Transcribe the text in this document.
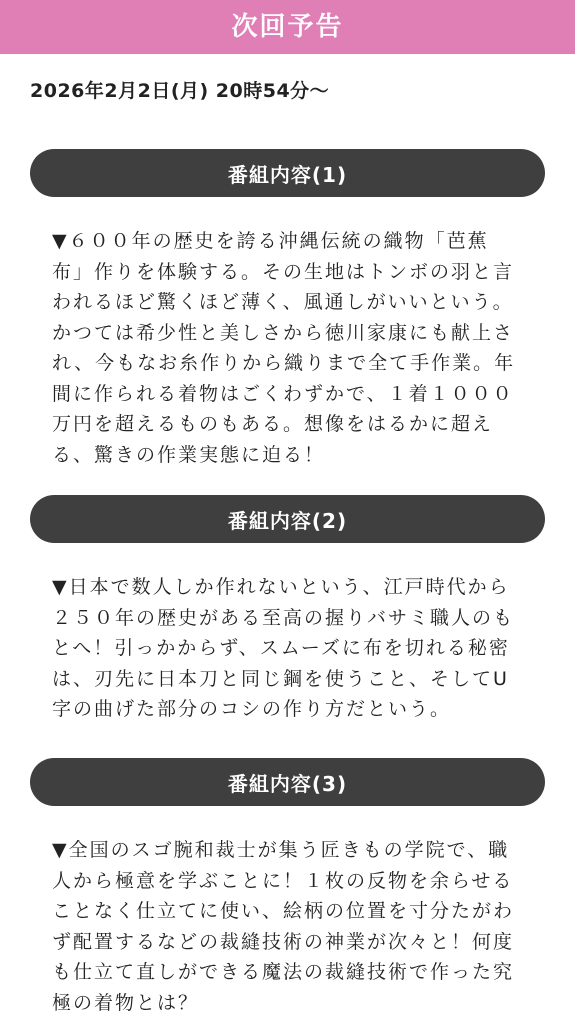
次回予告
2026年2月2日(月) 20時54分〜
番組内容(1)
▼６００年の歴史を誇る沖縄伝統の織物「芭蕉布」作りを体験する。その生地はトンボの羽と言われるほど驚くほど薄く、風通しがいいという。かつては希少性と美しさから徳川家康にも献上され、今もなお糸作りから織りまで全て手作業。年間に作られる着物はごくわずかで、１着１０００万円を超えるものもある。想像をはるかに超える、驚きの作業実態に迫る！
番組内容(2)
▼日本で数人しか作れないという、江戸時代から２５０年の歴史がある至高の握りバサミ職人のもとへ！引っかからず、スムーズに布を切れる秘密は、刃先に日本刀と同じ鋼を使うこと、そしてU字の曲げた部分のコシの作り方だという。
番組内容(3)
▼全国のスゴ腕和裁士が集う匠きもの学院で、職人から極意を学ぶことに！１枚の反物を余らせることなく仕立てに使い、絵柄の位置を寸分たがわず配置するなどの裁縫技術の神業が次々と！何度も仕立て直しができる魔法の裁縫技術で作った究極の着物とは？
